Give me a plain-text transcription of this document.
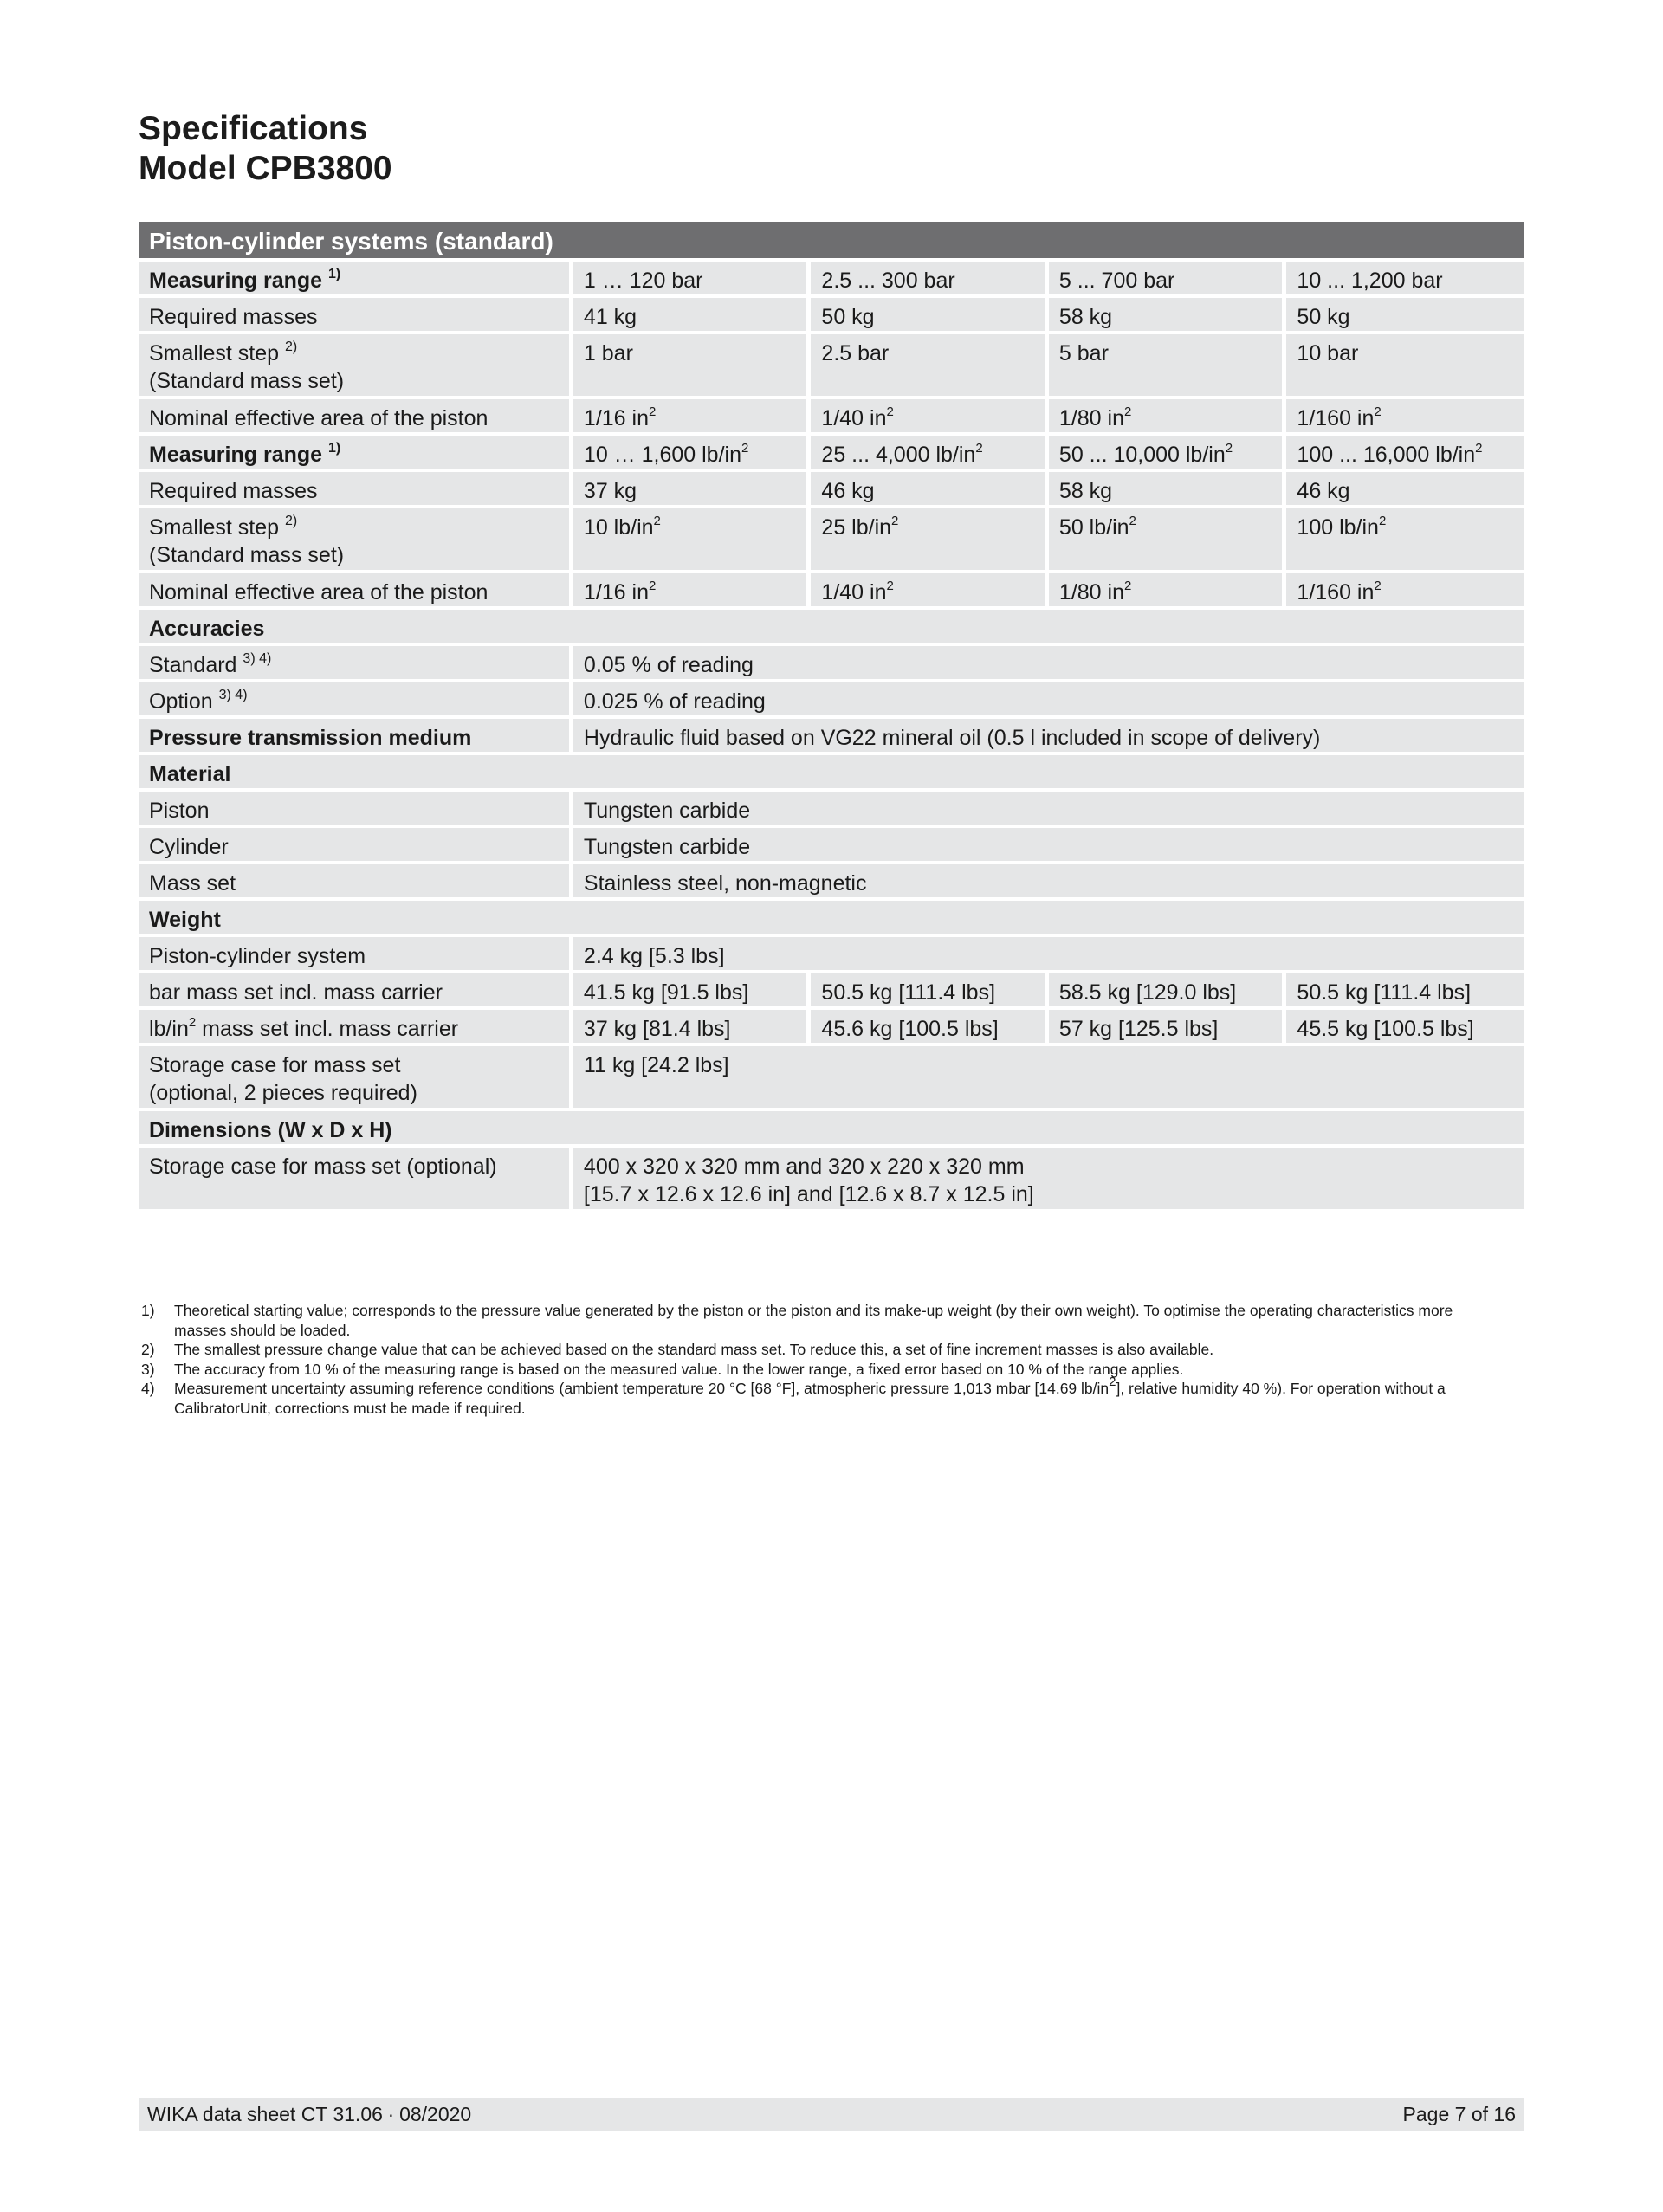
Specifications
Model CPB3800
Piston-cylinder systems (standard)				
Measuring range $^{1)}$	1 … 120 bar	2.5 ... 300 bar	5 ... 700 bar	10 ... 1,200 bar
Required masses	41 kg	50 kg	58 kg	50 kg
Smallest step $^{2)}$
(Standard mass set)	1 bar	2.5 bar	5 bar	10 bar
Nominal effective area of the piston	1/16 $in^2$	1/40 $in^2$	1/80 $in^2$	1/160 $in^2$
Measuring range $^{1)}$	10 … 1,600 $lb/in^2$	25 ... 4,000 $lb/in^2$	50 ... 10,000 $lb/in^2$	100 ... 16,000 $lb/in^2$
Required masses	37 kg	46 kg	58 kg	46 kg
Smallest step $^{2)}$
(Standard mass set)	10 $lb/in^2$	25 $lb/in^2$	50 $lb/in^2$	100 $lb/in^2$
Nominal effective area of the piston	1/16 $in^2$	1/40 $in^2$	1/80 $in^2$	1/160 $in^2$
Accuracies				
Standard $^{3) 4)}$	0.05 % of reading			
Option $^{3) 4)}$	0.025 % of reading			
Pressure transmission medium	Hydraulic fluid based on VG22 mineral oil (0.5 l included in scope of delivery)			
Material				
Piston	Tungsten carbide			
Cylinder	Tungsten carbide			
Mass set	Stainless steel, non-magnetic			
Weight				
Piston-cylinder system	2.4 kg [5.3 lbs]			
bar mass set incl. mass carrier	41.5 kg [91.5 lbs]	50.5 kg [111.4 lbs]	58.5 kg [129.0 lbs]	50.5 kg [111.4 lbs]
$lb/in^2$ mass set incl. mass carrier	37 kg [81.4 lbs]	45.6 kg [100.5 lbs]	57 kg [125.5 lbs]	45.5 kg [100.5 lbs]
Storage case for mass set
(optional, 2 pieces required)	11 kg [24.2 lbs]			
Dimensions (W x D x H)				
Storage case for mass set (optional)	400 x 320 x 320 mm and 320 x 220 x 320 mm
[15.7 x 12.6 x 12.6 in] and [12.6 x 8.7 x 12.5 in]			
1)	Theoretical starting value; corresponds to the pressure value generated by the piston or the piston and its make-up weight (by their own weight). To optimise the operating characteristics more masses should be loaded.
2)	The smallest pressure change value that can be achieved based on the standard mass set. To reduce this, a set of fine increment masses is also available.
3)	The accuracy from 10 % of the measuring range is based on the measured value. In the lower range, a fixed error based on 10 % of the range applies.
4)	Measurement uncertainty assuming reference conditions (ambient temperature 20 °C [68 °F], atmospheric pressure 1,013 mbar [14.69 $lb/in^2$], relative humidity 40 %). For operation without a CalibratorUnit, corrections must be made if required.
WIKA data sheet CT 31.06 ∙ 08/2020	Page 7 of 16
